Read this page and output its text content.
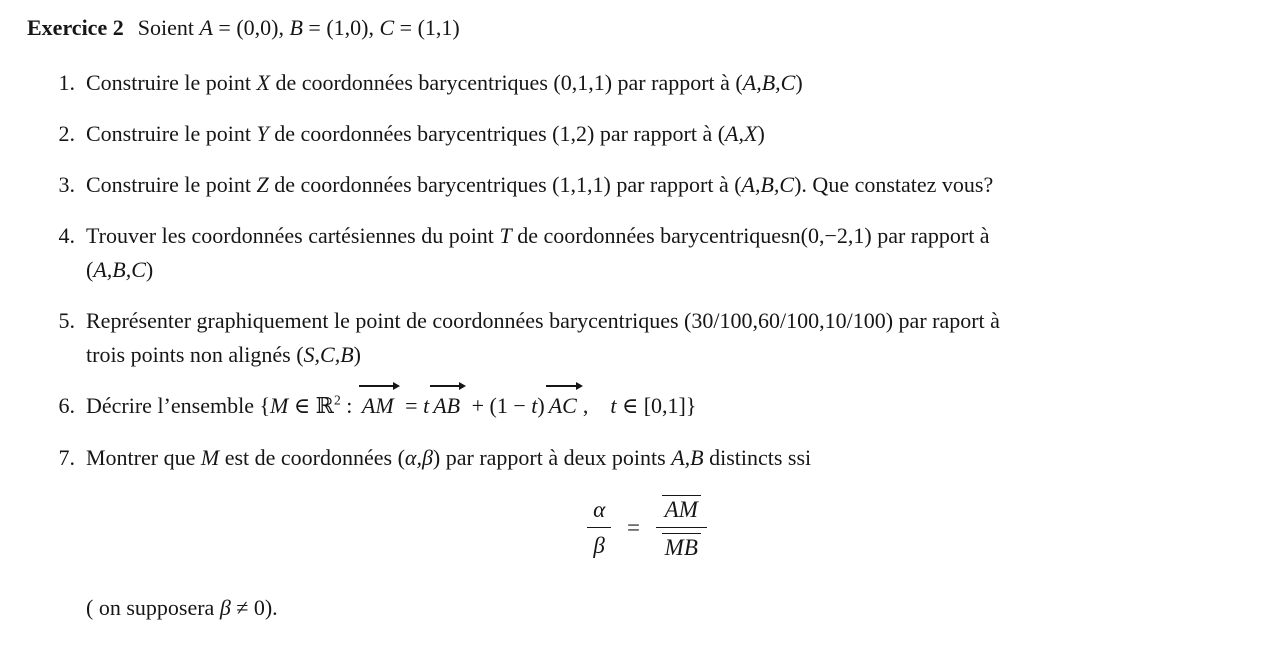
Exercice 2 Soient A = (0,0), B = (1,0), C = (1,1)
1. Construire le point X de coordonnées barycentriques (0,1,1) par rapport à (A,B,C)
2. Construire le point Y de coordonnées barycentriques (1,2) par rapport à (A,X)
3. Construire le point Z de coordonnées barycentriques (1,1,1) par rapport à (A,B,C). Que constatez vous?
4. Trouver les coordonnées cartésiennes du point T de coordonnées barycentriquesn(0,−2,1) par rapport à
(A,B,C)
5. Représenter graphiquement le point de coordonnées barycentriques (30/100,60/100,10/100) par raport à
trois points non alignés (S,C,B)
6. Décrire l’ensemble {M ∈ ℝ$^2$ : AM = t AB + (1 − t) AC , t ∈ [0,1]}
7. Montrer que M est de coordonnées (α,β) par rapport à deux points A,B distincts ssi
$\frac{\alpha}{\beta} = \frac{AM}{MB}$
( on supposera β ≠ 0).
